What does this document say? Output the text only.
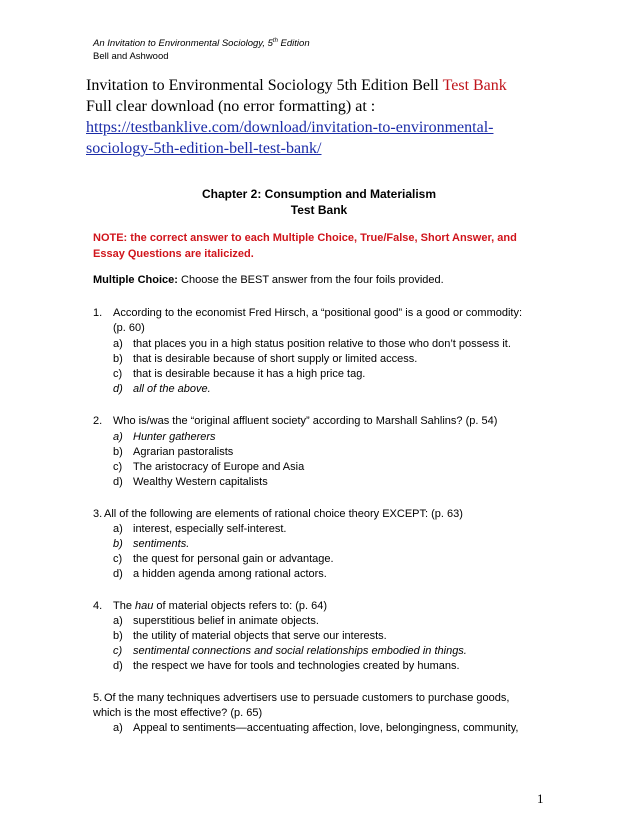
An Invitation to Environmental Sociology, 5th Edition
Bell and Ashwood
Invitation to Environmental Sociology 5th Edition Bell Test Bank
Full clear download (no error formatting) at :
https://testbanklive.com/download/invitation-to-environmental-
sociology-5th-edition-bell-test-bank/
Chapter 2: Consumption and Materialism
Test Bank
NOTE: the correct answer to each Multiple Choice, True/False, Short Answer, and
Essay Questions are italicized.
Multiple Choice: Choose the BEST answer from the four foils provided.
1. According to the economist Fred Hirsch, a “positional good” is a good or commodity:
(p. 60)
a) that places you in a high status position relative to those who don’t possess it.
b) that is desirable because of short supply or limited access.
c) that is desirable because it has a high price tag.
d) all of the above.
2. Who is/was the “original affluent society” according to Marshall Sahlins? (p. 54)
a) Hunter gatherers
b) Agrarian pastoralists
c) The aristocracy of Europe and Asia
d) Wealthy Western capitalists
3. All of the following are elements of rational choice theory EXCEPT: (p. 63)
a) interest, especially self-interest.
b) sentiments.
c) the quest for personal gain or advantage.
d) a hidden agenda among rational actors.
4. The hau of material objects refers to: (p. 64)
a) superstitious belief in animate objects.
b) the utility of material objects that serve our interests.
c) sentimental connections and social relationships embodied in things.
d) the respect we have for tools and technologies created by humans.
5. Of the many techniques advertisers use to persuade customers to purchase goods,
which is the most effective? (p. 65)
a) Appeal to sentiments—accentuating affection, love, belongingness, community,
1
